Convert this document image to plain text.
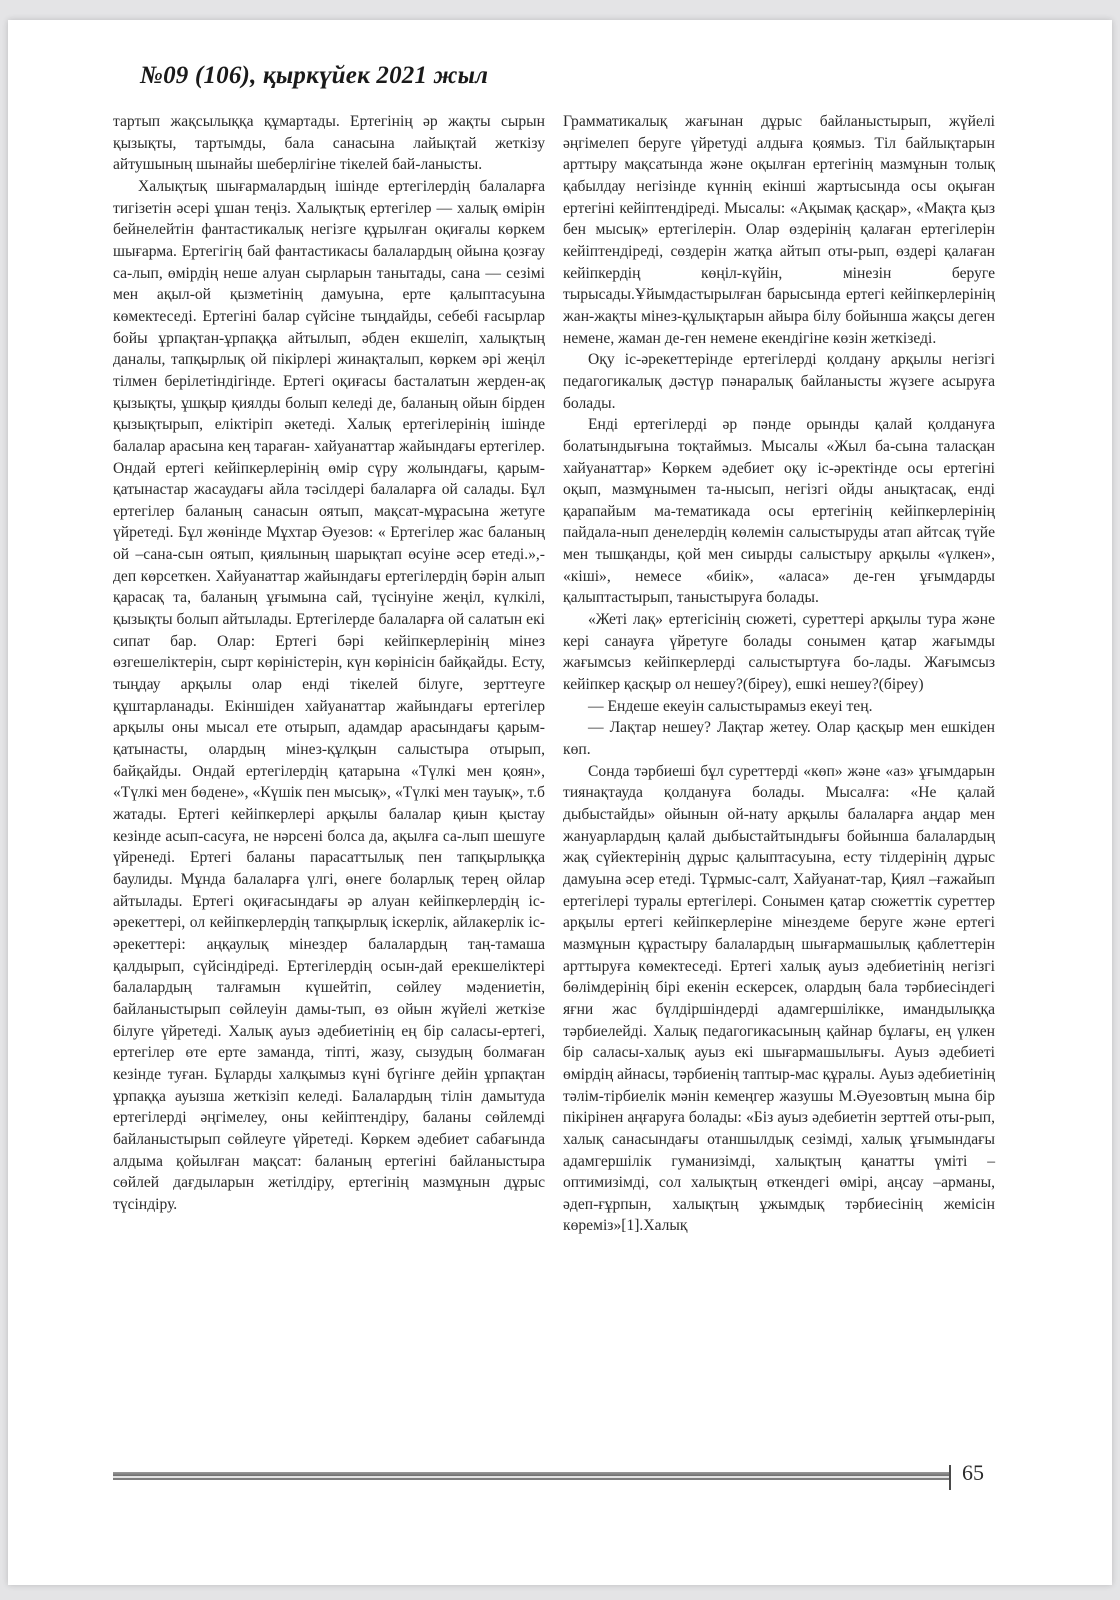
№09 (106), қыркүйек 2021 жыл

тартып жақсылыққа құмартады. Ертегінің әр жақты сырын қызықты, тартымды, бала санасына лайықтай жеткізу айтушының шынайы шеберлігіне тікелей бай-ланысты.

Халықтық шығармалардың ішінде ертегілердің балаларға тигізетін әсері ұшан теңіз. Халықтық ертегілер — халық өмірін бейнелейтін фантастикалық негізге құрылған оқиғалы көркем шығарма. Ертегігің бай фантастикасы балалардың ойына қозғау са-лып, өмірдің неше алуан сырларын танытады, сана — сезімі мен ақыл-ой қызметінің дамуына, ерте қалыптасуына көмектеседі. Ертегіні балар сүйсіне тыңдайды, себебі ғасырлар бойы ұрпақтан-ұрпаққа айтылып, әбден екшеліп, халықтың даналы, тапқырлық ой пікірлері жинақталып, көркем әрі жеңіл тілмен берілетіндігінде. Ертегі оқиғасы басталатын жерден-ақ қызықты, ұшқыр қиялды болып келеді де, баланың ойын бірден қызықтырып, еліктіріп әкетеді. Халық ертегілерінің ішінде балалар арасына кең тараған- хайуанаттар жайындағы ертегілер. Ондай ертегі кейіпкерлерінің өмір сүру жолындағы, қарым-қатынастар жасаудағы айла тәсілдері балаларға ой салады. Бұл ертегілер баланың санасын оятып, мақсат-мұрасына жетуге үйретеді. Бұл жөнінде Мұхтар Әуезов: « Ертегілер жас баланың ой –сана-сын оятып, қиялының шарықтап өсуіне әсер етеді.»,- деп көрсеткен. Хайуанаттар жайындағы ертегілердің бәрін алып қарасақ та, баланың ұғымына сай, түсінуіне жеңіл, күлкілі, қызықты болып айтылады. Ертегілерде балаларға ой салатын екі сипат бар. Олар: Ертегі бәрі кейіпкерлерінің мінез өзгешеліктерін, сырт көріністерін, күн көрінісін байқайды. Есту, тыңдау арқылы олар енді тікелей білуге, зерттеуге құштарланады. Екіншіден хайуанаттар жайындағы ертегілер арқылы оны мысал ете отырып, адамдар арасындағы қарым-қатынасты, олардың мінез-құлқын салыстыра отырып, байқайды. Ондай ертегілердің қатарына «Түлкі мен қоян», «Түлкі мен бөдене», «Күшік пен мысық», «Түлкі мен тауық», т.б жатады. Ертегі кейіпкерлері арқылы балалар қиын қыстау кезінде асып-сасуға, не нәрсені болса да, ақылға са-лып шешуге үйренеді. Ертегі баланы парасаттылық пен тапқырлыққа баулиды. Мұнда балаларға үлгі, өнеге боларлық терең ойлар айтылады. Ертегі оқиғасындағы әр алуан кейіпкерлердің іс-әрекеттері, ол кейіпкерлердің тапқырлық іскерлік, айлакерлік іс-әрекеттері: аңқаулық мінездер балалардың таң-тамаша қалдырып, сүйсіндіреді. Ертегілердің осын-дай ерекшеліктері балалардың талғамын күшейтіп, сөйлеу мәдениетін, байланыстырып сөйлеуін дамы-тып, өз ойын жүйелі жеткізе білуге үйретеді. Халық ауыз әдебиетінің ең бір саласы-ертегі, ертегілер өте ерте заманда, тіпті, жазу, сызудың болмаған кезінде туған. Бұларды халқымыз күні бүгінге дейін ұрпақтан ұрпаққа ауызша жеткізіп келеді. Балалардың тілін дамытуда ертегілерді әңгімелеу, оны кейіптендіру, баланы сөйлемді байланыстырып сөйлеуге үйретеді. Көркем әдебиет сабағында алдыма қойылған мақсат: баланың ертегіні байланыстыра сөйлей дағдыларын жетілдіру, ертегінің мазмұнын дұрыс түсіндіру.

Грамматикалық жағынан дұрыс байланыстырып, жүйелі әңгімелеп беруге үйретуді алдыға қоямыз. Тіл байлықтарын арттыру мақсатында және оқылған ертегінің мазмұнын толық қабылдау негізінде күннің екінші жартысында осы оқыған ертегіні кейіптендіреді. Мысалы: «Ақымақ қасқар», «Мақта қыз бен мысық» ертегілерін. Олар өздерінің қалаған ертегілерін кейіптендіреді, сөздерін жатқа айтып оты-рып, өздері қалаған кейіпкердің көңіл-күйін, мінезін беруге тырысады.Ұйымдастырылған барысында ертегі кейіпкерлерінің жан-жақты мінез-құлықтарын айыра білу бойынша жақсы деген немене, жаман де-ген немене екендігіне көзін жеткізеді.

Оқу іс-әрекеттерінде ертегілерді қолдану арқылы негізгі педагогикалық дәстүр пәнаралық байланысты жүзеге асыруға болады.

Енді ертегілерді әр пәнде орынды қалай қолдануға болатындығына тоқтаймыз. Мысалы «Жыл ба-сына таласқан хайуанаттар» Көркем әдебиет оқу іс-әректінде осы ертегіні оқып, мазмұнымен та-нысып, негізгі ойды анықтасақ, енді қарапайым ма-тематикада осы ертегінің кейіпкерлерінің пайдала-нып денелердің көлемін салыстыруды атап айтсақ түйе мен тышқанды, қой мен сиырды салыстыру арқылы «үлкен», «кіші», немесе «биік», «аласа» де-ген ұғымдарды қалыптастырып, таныстыруға болады.

«Жеті лақ» ертегісінің сюжеті, суреттері арқылы тура және кері санауға үйретуге болады сонымен қатар жағымды жағымсыз кейіпкерлерді салыстыртуға бо-лады. Жағымсыз кейіпкер қасқыр ол нешеу?(біреу), ешкі нешеу?(біреу)

— Ендеше екеуін салыстырамыз екеуі тең.

— Лақтар нешеу? Лақтар жетеу. Олар қасқыр мен ешкіден көп.

Сонда тәрбиеші бұл суреттерді «көп» және «аз» ұғымдарын тиянақтауда қолдануға болады. Мысалға: «Не қалай дыбыстайды» ойынын ой-нату арқылы балаларға аңдар мен жануарлардың қалай дыбыстайтындығы бойынша балалардың жақ сүйектерінің дұрыс қалыптасуына, есту тілдерінің дұрыс дамуына әсер етеді. Тұрмыс-салт, Хайуанат-тар, Қиял –ғажайып ертегілері туралы ертегілері. Сонымен қатар сюжеттік суреттер арқылы ертегі кейіпкерлеріне мінездеме беруге және ертегі мазмұнын құрастыру балалардың шығармашылық қаблеттерін арттыруға көмектеседі. Ертегі халық ауыз әдебиетінің негізгі бөлімдерінің бірі екенін ескерсек, олардың бала тәрбиесіндегі яғни жас бүлдіршіндерді адамгершілікке, имандылыққа тәрбиелейді. Халық педагогикасының қайнар бұлағы, ең үлкен бір саласы-халық ауыз екі шығармашылығы. Ауыз әдебиеті өмірдің айнасы, тәрбиенің таптыр-мас құралы. Ауыз әдебиетінің тәлім-тірбиелік мәнін кемеңгер жазушы М.Әуезовтың мына бір пікірінен аңғаруға болады: «Біз ауыз әдебиетін зерттей оты-рып, халық санасындағы отаншылдық сезімді, халық ұғымындағы адамгершілік гуманизімді, халықтың қанатты үміті – оптимизімді, сол халықтың өткендегі өмірі, аңсау –арманы, әдеп-ғұрпын, халықтың ұжымдық тәрбиесінің жемісін көреміз»[1].Халық

65
